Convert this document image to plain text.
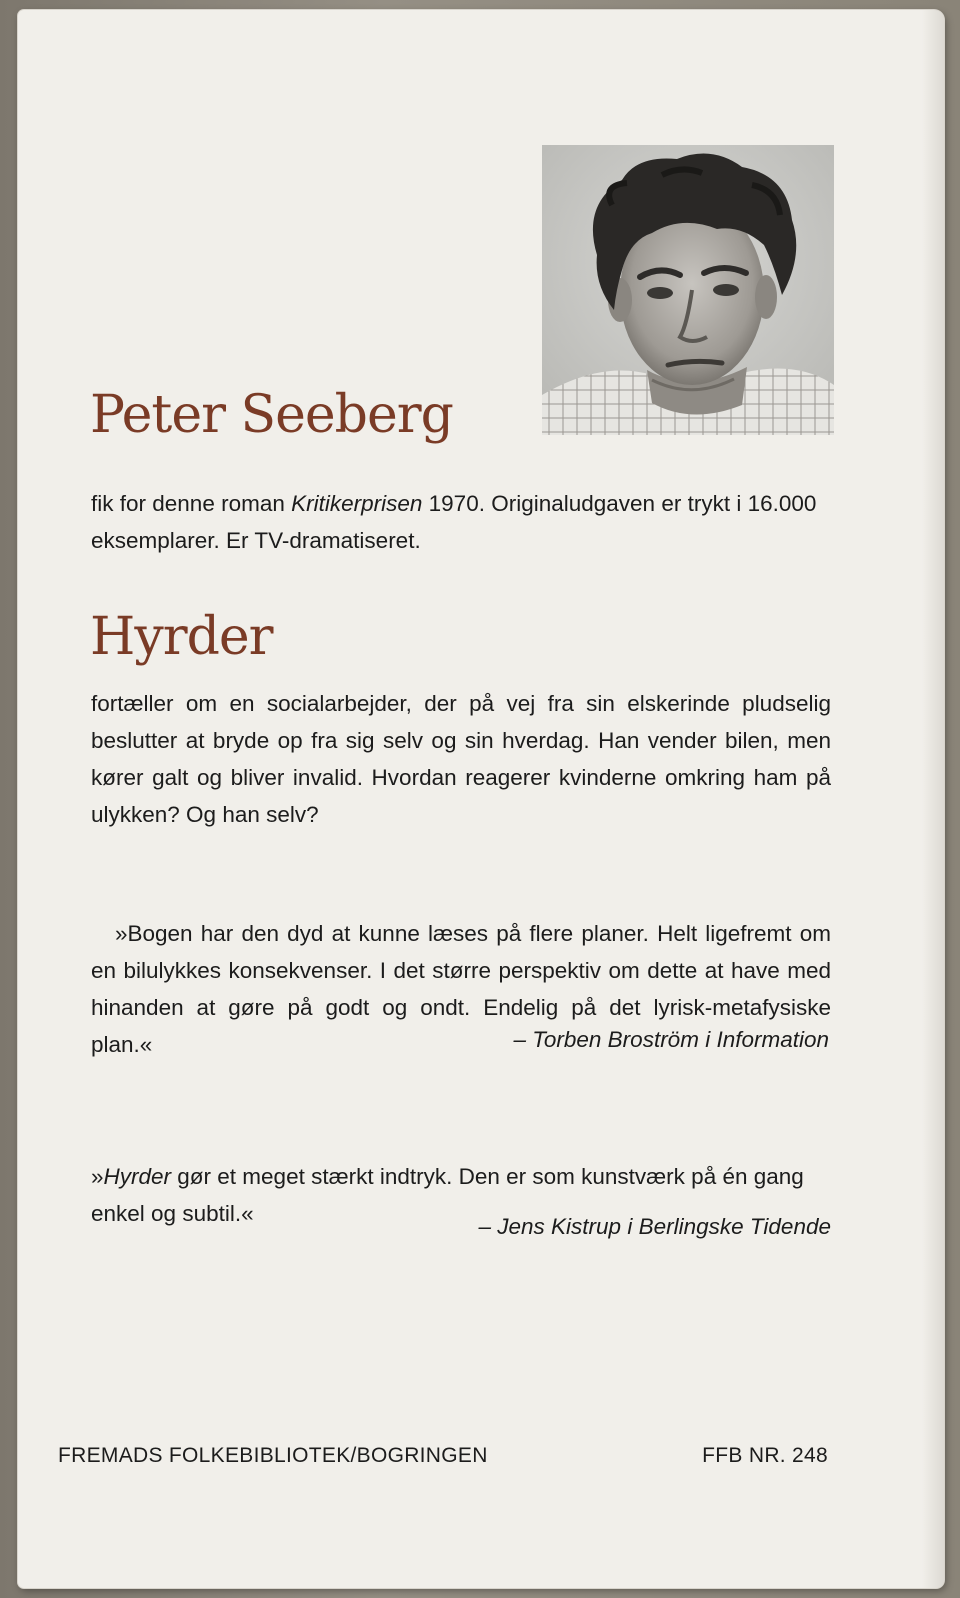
Peter Seeberg

fik for denne roman Kritikerprisen 1970. Originaludgaven er trykt i 16.000 eksemplarer. Er TV-dramatiseret.

Hyrder

fortæller om en socialarbejder, der på vej fra sin elskerinde pludselig beslutter at bryde op fra sig selv og sin hverdag. Han vender bilen, men kører galt og bliver invalid. Hvordan reagerer kvinderne omkring ham på ulykken? Og han selv?

»Bogen har den dyd at kunne læses på flere planer. Helt ligefremt om en bilulykkes konsekvenser. I det større perspektiv om dette at have med hinanden at gøre på godt og ondt. Endelig på det lyrisk-metafysiske plan.«	– Torben Broström i Information

»Hyrder gør et meget stærkt indtryk. Den er som kunstværk på én gang enkel og subtil.«

– Jens Kistrup i Berlingske Tidende
FREMADS FOLKEBIBLIOTEK/BOGRINGEN	FFB NR. 248
